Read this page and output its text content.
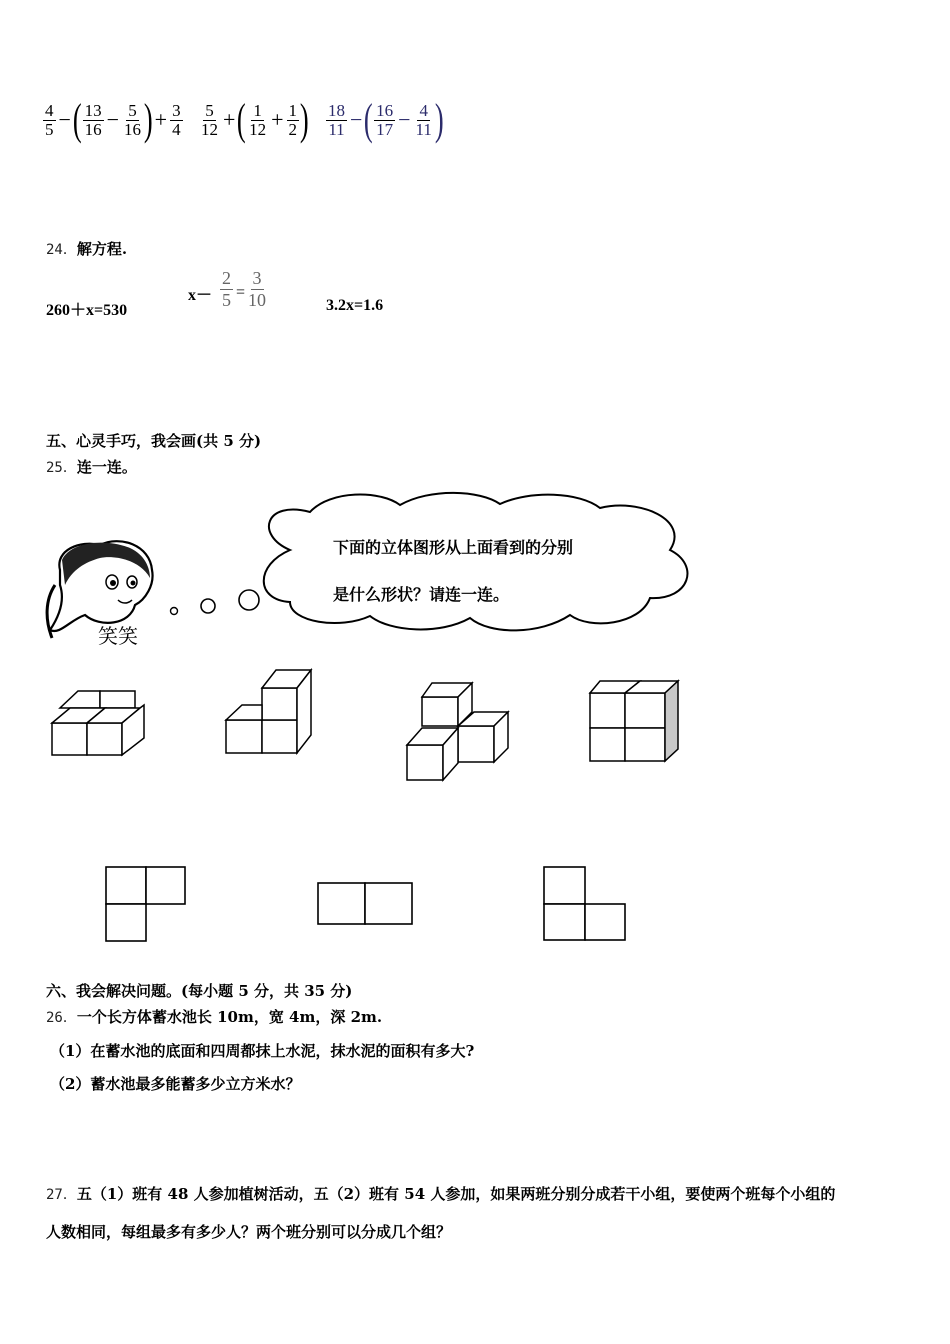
$\frac{4}{5}$ − ( $\frac{13}{16} - \frac{5}{16}$ ) + $\frac{3}{4} \frac{5}{12}$ + ( $\frac{1}{12} + \frac{1}{2}$ ) $\frac{18}{11}$ − ( $\frac{16}{17} - \frac{4}{11}$ )
24．解方程.
260＋x=530
$x- \frac{2}{5} = \frac{3}{10}$	3.2x=1.6
五、心灵手巧，我会画(共 5 分)
25．连一连。
下面的立体图形从上面看到的分别
是什么形状？请连一连。
笑笑
六、我会解决问题。(每小题 5 分，共 35 分)
26．一个长方体蓄水池长 10m，宽 4m，深 2m.
（1）在蓄水池的底面和四周都抹上水泥，抹水泥的面积有多大?
（2）蓄水池最多能蓄多少立方米水？
27．五（1）班有 48 人参加植树活动，五（2）班有 54 人参加，如果两班分别分成若干小组，要使两个班每个小组的
人数相同，每组最多有多少人？两个班分别可以分成几个组？
